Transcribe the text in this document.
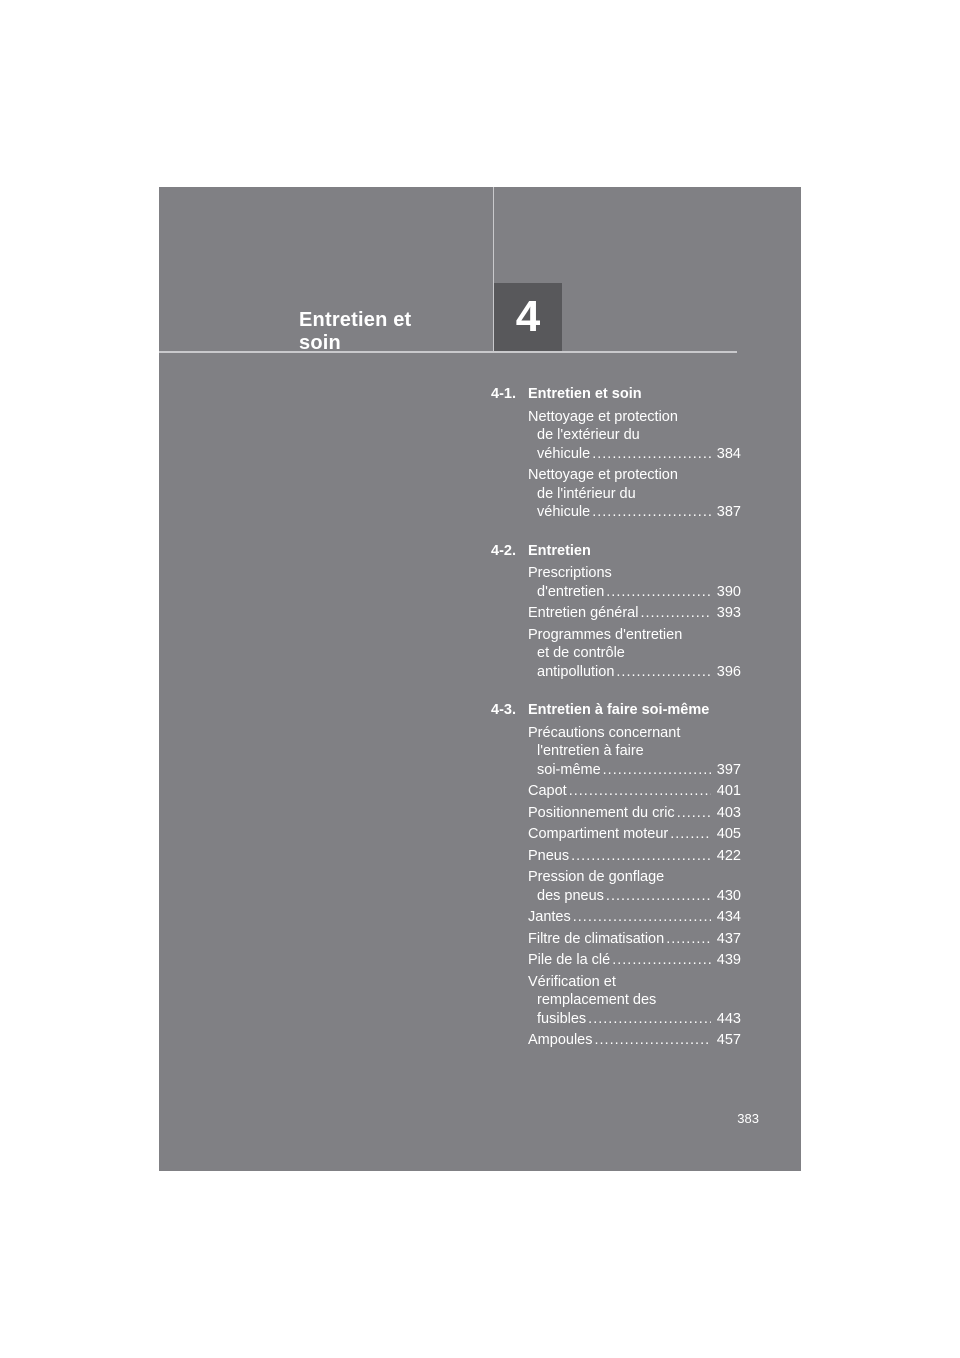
Entretien et soin
4
4-1. Entretien et soin
Nettoyage et protection
de l'extérieur du
véhicule .....	384
Nettoyage et protection
de l'intérieur du
véhicule .....	387
4-2. Entretien
Prescriptions
d'entretien .....	390
Entretien général .....	393
Programmes d'entretien
et de contrôle
antipollution .....	396
4-3. Entretien à faire soi-même
Précautions concernant
l'entretien à faire
soi-même .....	397
Capot .....	401
Positionnement du cric .....	403
Compartiment moteur .....	405
Pneus .....	422
Pression de gonflage
des pneus .....	430
Jantes .....	434
Filtre de climatisation .....	437
Pile de la clé .....	439
Vérification et
remplacement des
fusibles .....	443
Ampoules .....	457
383
